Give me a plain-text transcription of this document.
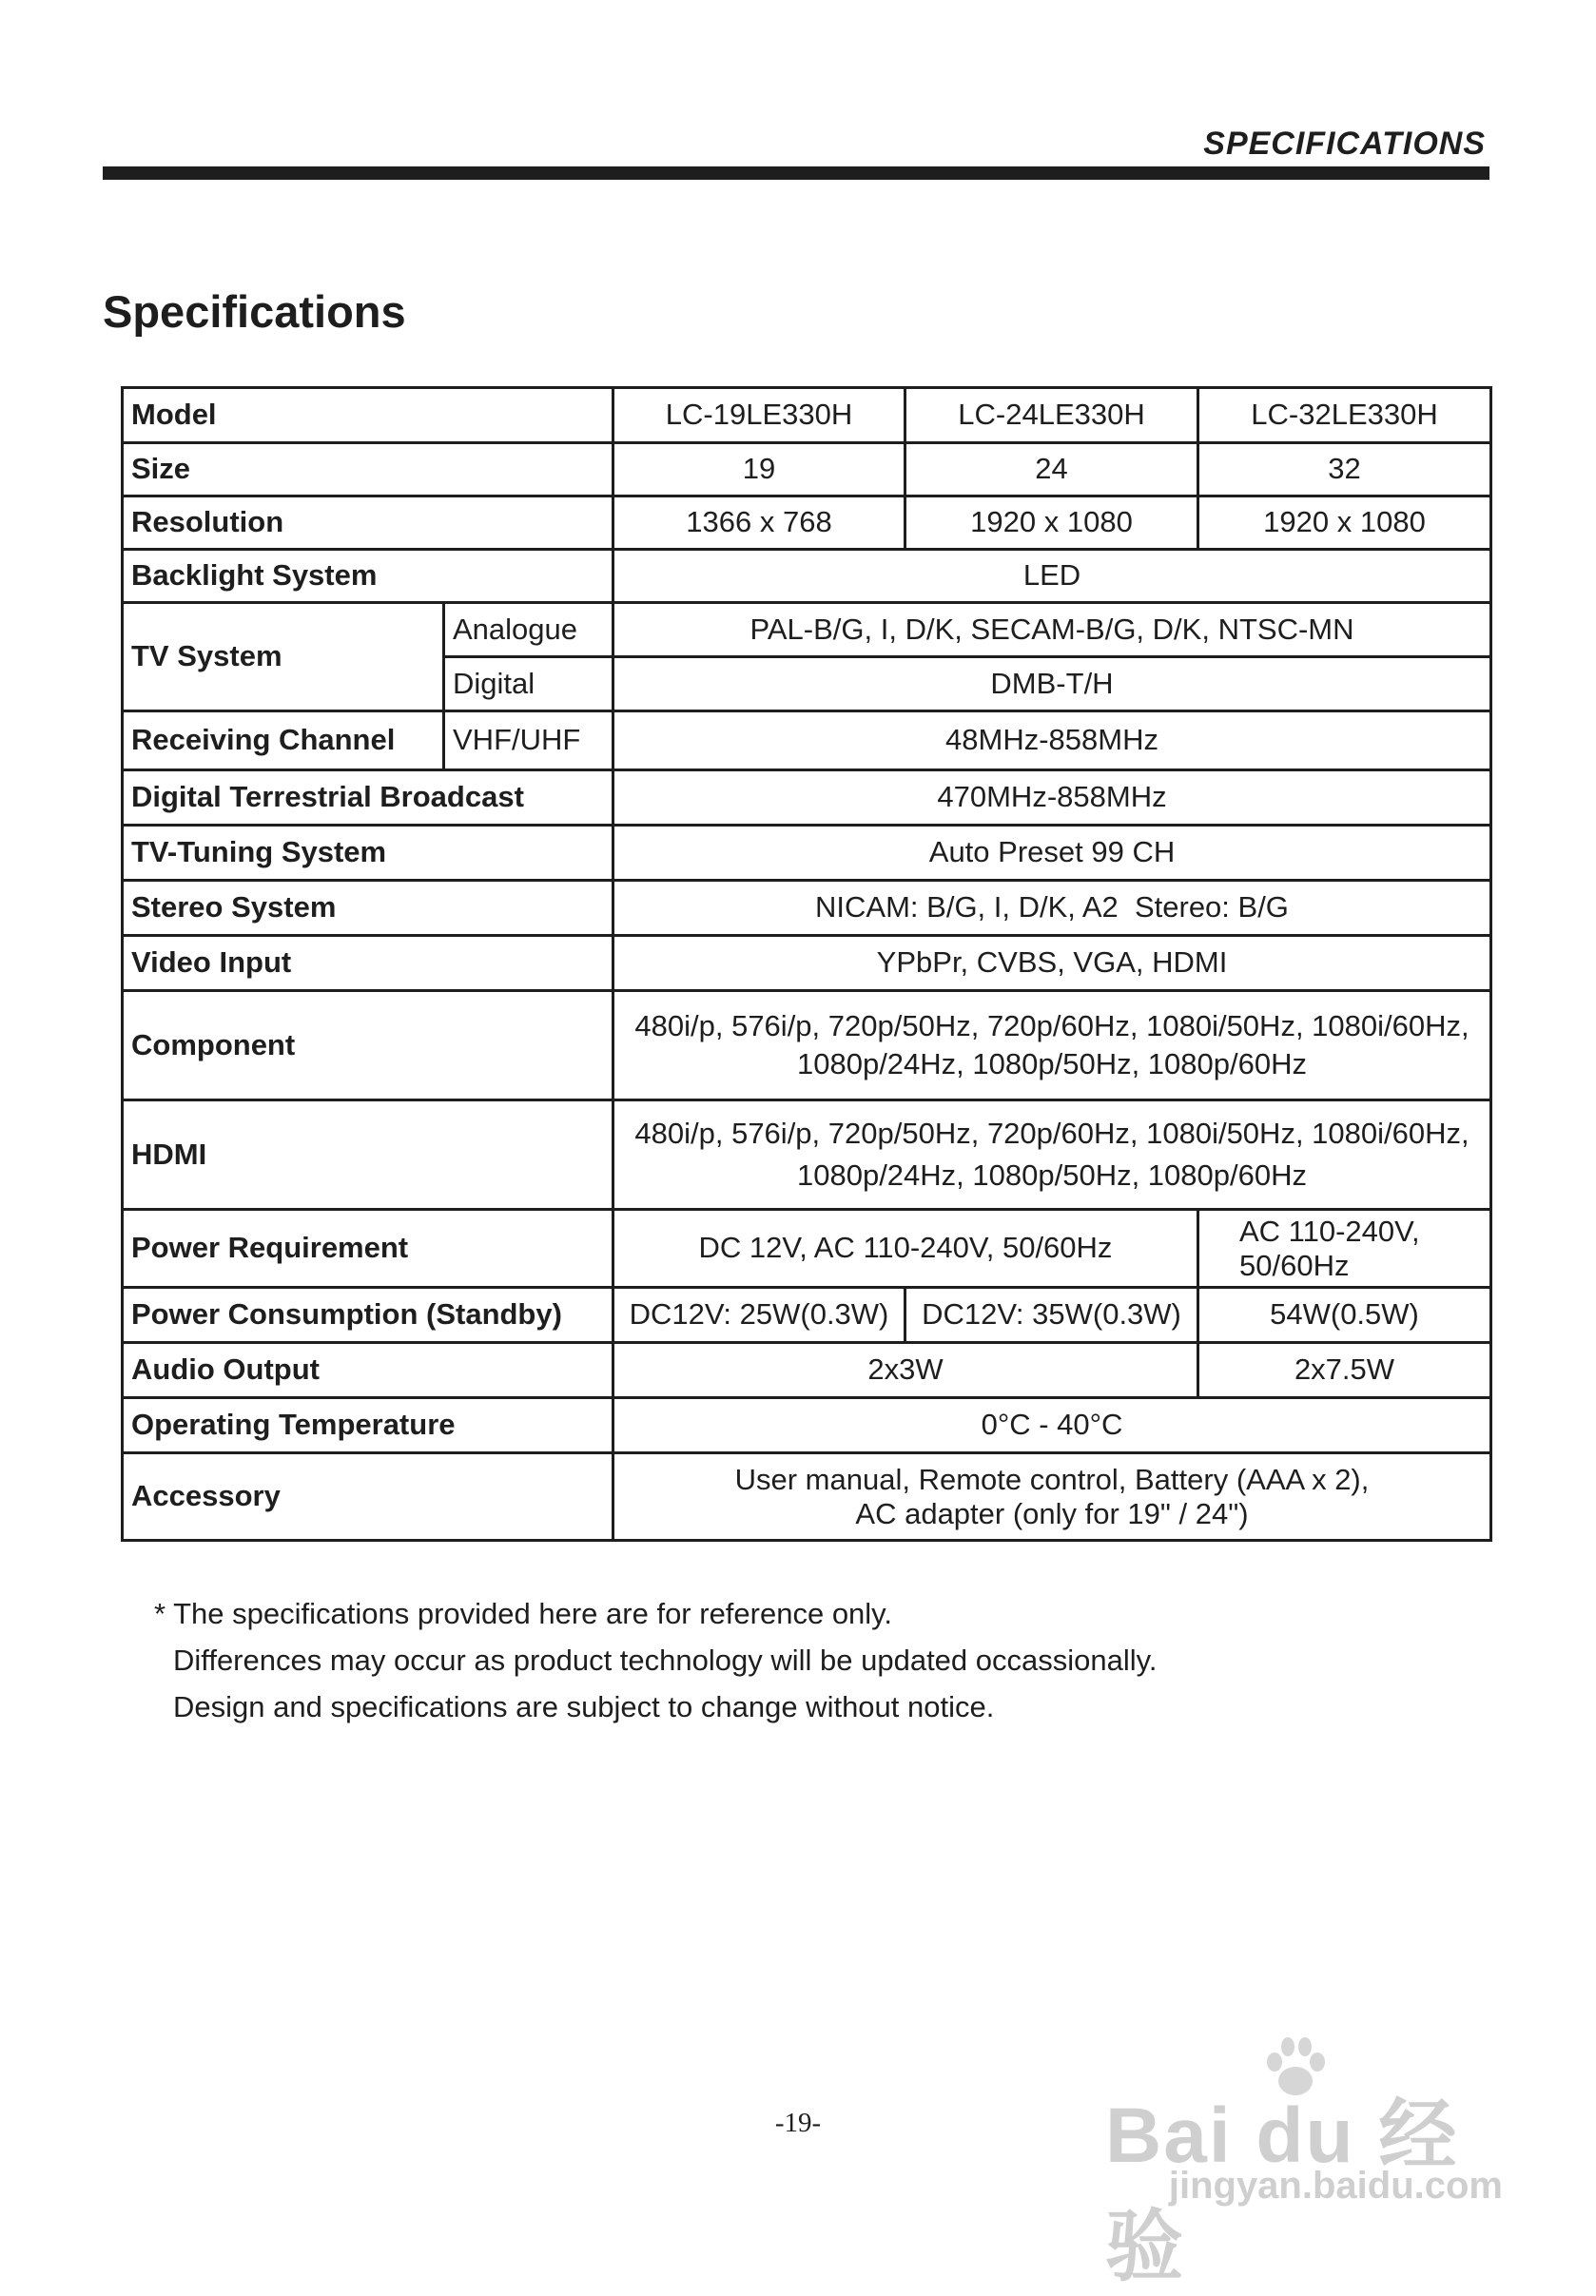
SPECIFICATIONS
Specifications
Model		LC-19LE330H	LC-24LE330H	LC-32LE330H
Size		19	24	32
Resolution		1366 x 768	1920 x 1080	1920 x 1080
Backlight System		LED		
TV System	Analogue	PAL-B/G, I, D/K, SECAM-B/G, D/K, NTSC-MN		
	Digital	DMB-T/H		
Receiving Channel	VHF/UHF	48MHz-858MHz		
Digital Terrestrial Broadcast		470MHz-858MHz		
TV-Tuning System		Auto Preset 99 CH		
Stereo System		NICAM: B/G, I, D/K, A2  Stereo: B/G		
Video Input		YPbPr, CVBS, VGA, HDMI		
Component		480i/p, 576i/p, 720p/50Hz, 720p/60Hz, 1080i/50Hz, 1080i/60Hz,
1080p/24Hz, 1080p/50Hz, 1080p/60Hz		

HDMI		480i/p, 576i/p, 720p/50Hz, 720p/60Hz, 1080i/50Hz, 1080i/60Hz,
1080p/24Hz, 1080p/50Hz, 1080p/60Hz		

Power Requirement		DC 12V, AC 110-240V, 50/60Hz		AC 110-240V,
50/60Hz

Power Consumption (Standby)		DC12V: 25W(0.3W)	DC12V: 35W(0.3W)	54W(0.5W)
Audio Output		2x3W		2x7.5W
Operating Temperature		0°C - 40°C		
Accessory		User manual, Remote control, Battery (AAA x 2),
AC adapter (only for 19" / 24")		
* The specifications provided here are for reference only.
Differences may occur as product technology will be updated occassionally.
Design and specifications are subject to change without notice.
-19-	Bai du 经验
jingyan.baidu.com
